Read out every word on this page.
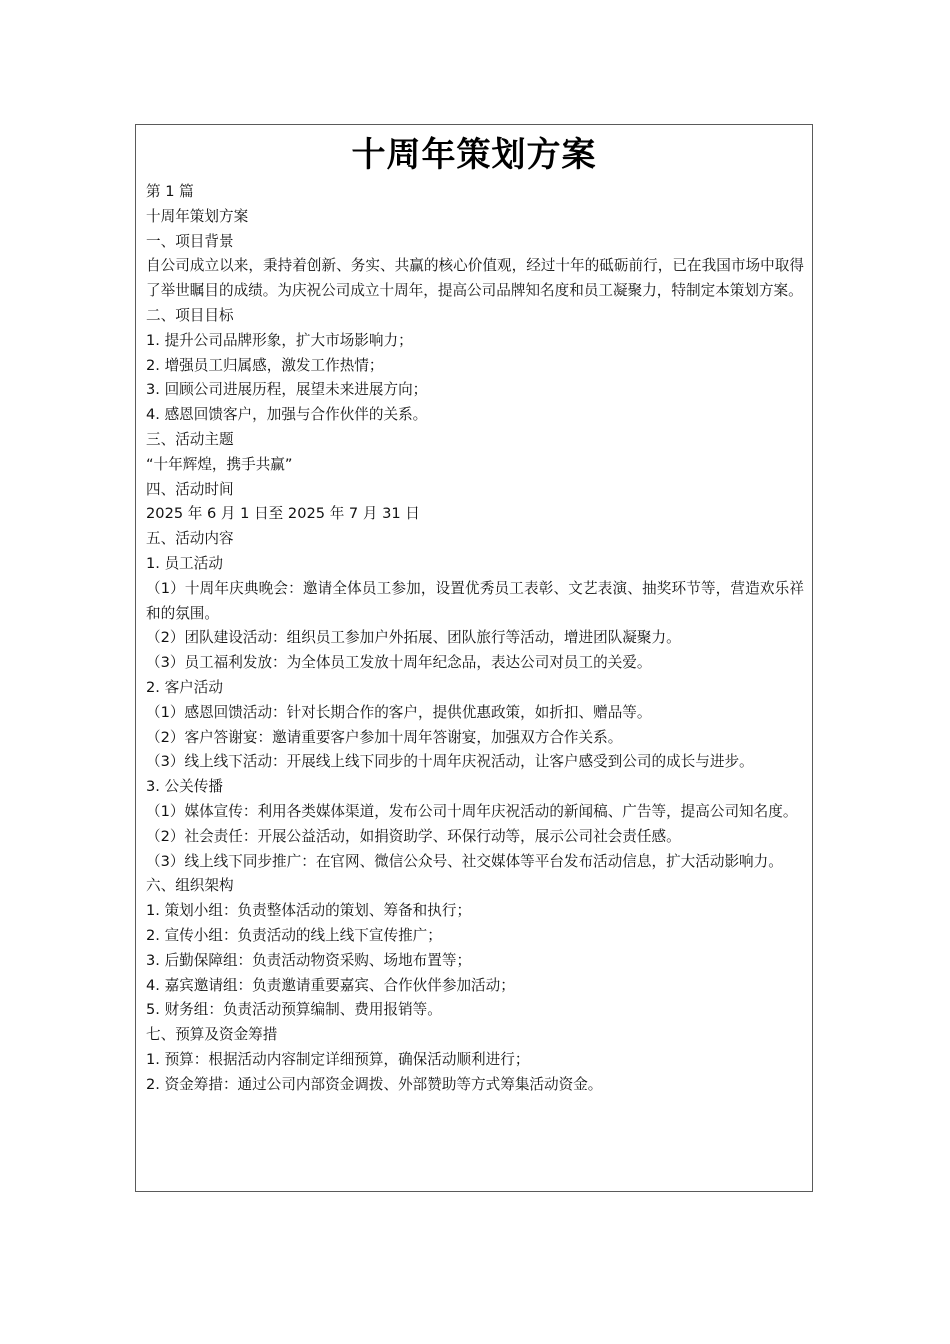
十周年策划方案

第 1 篇

十周年策划方案

一、项目背景

自公司成立以来，秉持着创新、务实、共赢的核心价值观，经过十年的砥砺前行，已在我国市场中取得了举世瞩目的成绩。为庆祝公司成立十周年，提高公司品牌知名度和员工凝聚力，特制定本策划方案。

二、项目目标

1. 提升公司品牌形象，扩大市场影响力；

2. 增强员工归属感，激发工作热情；

3. 回顾公司进展历程，展望未来进展方向；

4. 感恩回馈客户，加强与合作伙伴的关系。

三、活动主题

“十年辉煌，携手共赢”

四、活动时间

2025 年 6 月 1 日至 2025 年 7 月 31 日

五、活动内容

1. 员工活动

（1）十周年庆典晚会：邀请全体员工参加，设置优秀员工表彰、文艺表演、抽奖环节等，营造欢乐祥和的氛围。

（2）团队建设活动：组织员工参加户外拓展、团队旅行等活动，增进团队凝聚力。

（3）员工福利发放：为全体员工发放十周年纪念品，表达公司对员工的关爱。

2. 客户活动

（1）感恩回馈活动：针对长期合作的客户，提供优惠政策，如折扣、赠品等。

（2）客户答谢宴：邀请重要客户参加十周年答谢宴，加强双方合作关系。

（3）线上线下活动：开展线上线下同步的十周年庆祝活动，让客户感受到公司的成长与进步。

3. 公关传播

（1）媒体宣传：利用各类媒体渠道，发布公司十周年庆祝活动的新闻稿、广告等，提高公司知名度。

（2）社会责任：开展公益活动，如捐资助学、环保行动等，展示公司社会责任感。

（3）线上线下同步推广：在官网、微信公众号、社交媒体等平台发布活动信息，扩大活动影响力。

六、组织架构

1. 策划小组：负责整体活动的策划、筹备和执行；

2. 宣传小组：负责活动的线上线下宣传推广；

3. 后勤保障组：负责活动物资采购、场地布置等；

4. 嘉宾邀请组：负责邀请重要嘉宾、合作伙伴参加活动；

5. 财务组：负责活动预算编制、费用报销等。

七、预算及资金筹措

1. 预算：根据活动内容制定详细预算，确保活动顺利进行；

2. 资金筹措：通过公司内部资金调拨、外部赞助等方式筹集活动资金。
